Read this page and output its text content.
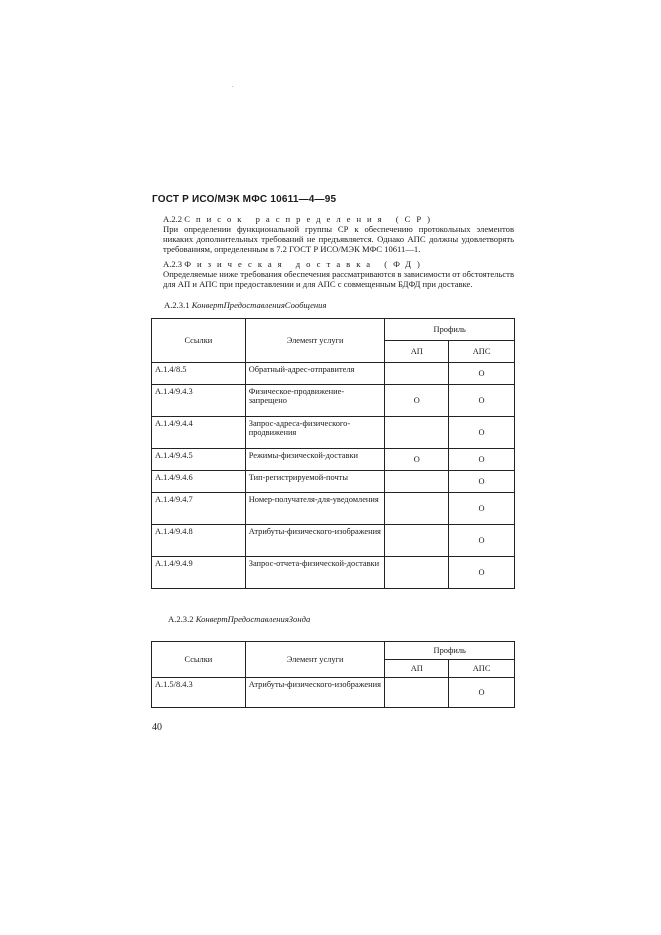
ГОСТ Р ИСО/МЭК МФС 10611—4—95
А.2.2 Список распределения (СР)
При определении функциональной группы СР к обеспечению протокольных элементов никаких дополнительных требований не предъявляется. Однако АПС должны удовлетворять требованиям, определенным в 7.2 ГОСТ Р ИСО/МЭК МФС 10611—1.
А.2.3 Физическая доставка (ФД)
Определяемые ниже требования обеспечения рассматриваются в зависимости от обстоятельств для АП и АПС при предоставлении и для АПС с совмещенным БДФД при доставке.
А.2.3.1 КонвертПредоставленияСообщения
Ссылки	Элемент услуги	Профиль	
		АП	АПС
А.1.4/8.5	Обратный-адрес-отправителя		О
А.1.4/9.4.3	Физическое-продвижение-запрещено	О	О
А.1.4/9.4.4	Запрос-адреса-физического-продвижения		О
А.1.4/9.4.5	Режимы-физической-доставки	О	О
А.1.4/9.4.6	Тип-регистрируемой-почты		О
А.1.4/9.4.7	Номер-получателя-для-уведомления		О
А.1.4/9.4.8	Атрибуты-физического-изображения		О
А.1.4/9.4.9	Запрос-отчета-физической-доставки		О
А.2.3.2 КонвертПредоставленияЗонда
Ссылки	Элемент услуги	Профиль	
		АП	АПС
А.1.5/8.4.3	Атрибуты-физического-изображения		О
40
